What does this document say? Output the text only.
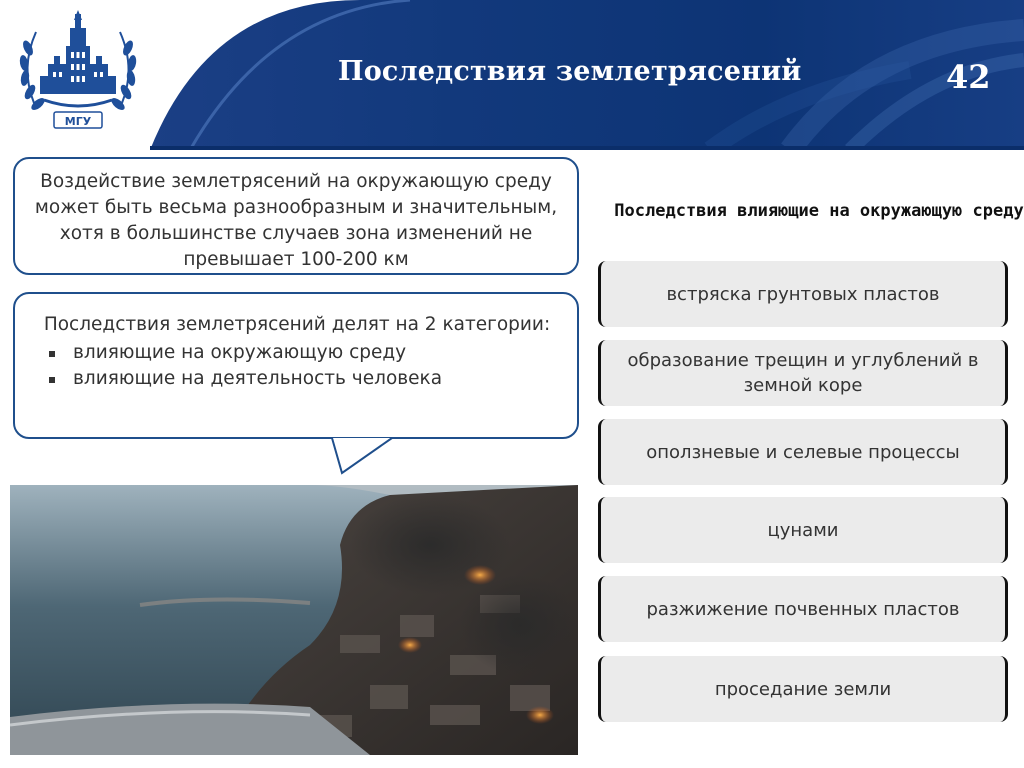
МГУ
Последствия землетрясений	42
Воздействие землетрясений на окружающую среду может быть весьма разнообразным и значительным, хотя в большинстве случаев зона изменений не превышает 100-200 км
Последствия землетрясений делят на 2 категории:
влияющие на окружающую среду
влияющие на деятельность человека
Последствия влияющие на окружающую среду
встряска грунтовых пластов
образование трещин и углублений в земной коре
оползневые и селевые процессы
цунами
разжижение почвенных пластов
проседание земли
